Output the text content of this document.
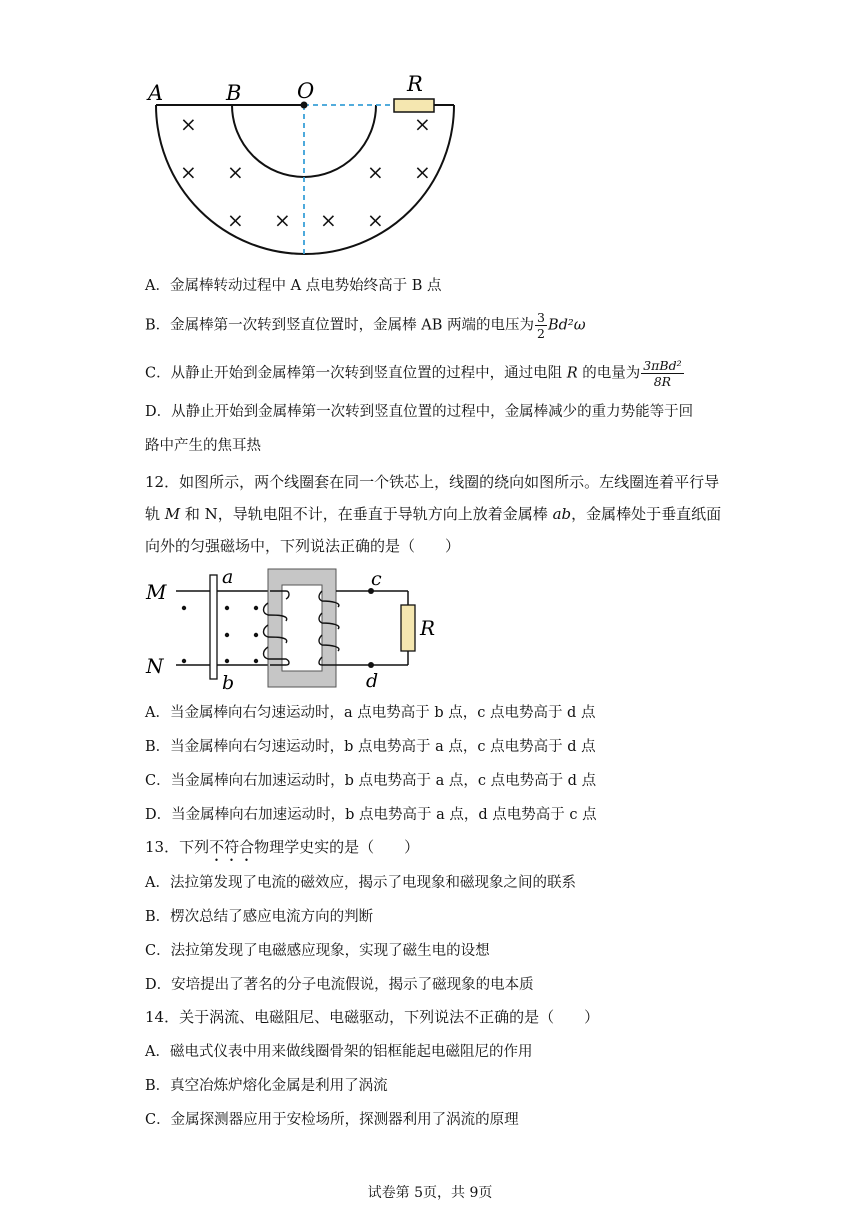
A	B	O	R
×	×
× ×	× ×
× × × ×
A．金属棒转动过程中 A 点电势始终高于 B 点
B．金属棒第一次转到竖直位置时，金属棒 AB 两端的电压为 $\frac{3}{2} Bd^2\omega$
C．从静止开始到金属棒第一次转到竖直位置的过程中，通过电阻 R 的电量为 $\frac{\text{3πBd²}}{8R}$
D．从静止开始到金属棒第一次转到竖直位置的过程中，金属棒减少的重力势能等于回
路中产生的焦耳热
12．如图所示，两个线圈套在同一个铁芯上，线圈的绕向如图所示。左线圈连着平行导
轨 M 和 N，导轨电阻不计，在垂直于导轨方向上放着金属棒 ab，金属棒处于垂直纸面
向外的匀强磁场中，下列说法正确的是（　　）
M
N
a
b
c
d
R
A．当金属棒向右匀速运动时，a 点电势高于 b 点，c 点电势高于 d 点
B．当金属棒向右匀速运动时，b 点电势高于 a 点，c 点电势高于 d 点
C．当金属棒向右加速运动时，b 点电势高于 a 点，c 点电势高于 d 点
D．当金属棒向右加速运动时，b 点电势高于 a 点，d 点电势高于 c 点
13．下列不符合物理学史实的是（　　）
A．法拉第发现了电流的磁效应，揭示了电现象和磁现象之间的联系
B．楞次总结了感应电流方向的判断
C．法拉第发现了电磁感应现象，实现了磁生电的设想
D．安培提出了著名的分子电流假说，揭示了磁现象的电本质
14．关于涡流、电磁阻尼、电磁驱动，下列说法不正确的是（　　）
A．磁电式仪表中用来做线圈骨架的铝框能起电磁阻尼的作用
B．真空冶炼炉熔化金属是利用了涡流
C．金属探测器应用于安检场所，探测器利用了涡流的原理
试卷第 5页，共 9页
